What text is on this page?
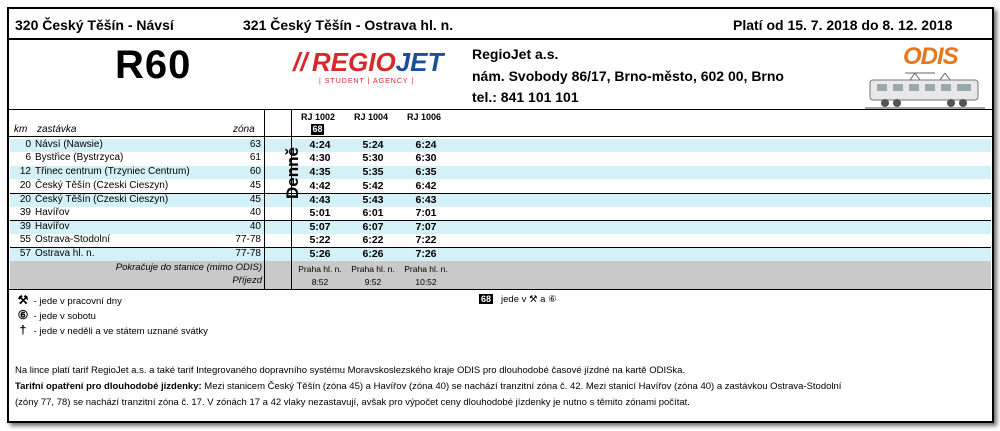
320 Český Těšín - Návsí	321 Český Těšín - Ostrava hl. n.	Platí od 15. 7. 2018 do 8. 12. 2018
R60	// REGIOJET
| STUDENT | AGENCY |
RegioJet a.s.
nám. Svobody 86/17, Brno-město, 602 00, Brno
tel.: 841 101 101
ODIS
RJ 1002	RJ 1004	RJ 1006
68
km zastávka	zóna
0 Návsí (Nawsie)	63	4:24	5:24	6:24
6 Bystřice (Bystrzyca)	61	4:30	5:30	6:30
12 Třinec centrum (Trzyniec Centrum)	60	4:35	5:35	6:35
20 Český Těšín (Czeski Cieszyn)	45	4:42	5:42	6:42
20 Český Těšín (Czeski Cieszyn)	45	4:43	5:43	6:43
39 Havířov	40	5:01	6:01	7:01
39 Havířov	40	5:07	6:07	7:07
55 Ostrava-Stodolní	77-78	5:22	6:22	7:22
57 Ostrava hl. n.	77-78	5:26	6:26	7:26
Pokračuje do stanice (mimo ODIS)
Příjezd
Praha hl. n.	Praha hl. n.	Praha hl. n.
8:52	9:52	10:52
Denně
⚒ - jede v pracovní dny
⑥ - jede v sobotu
† - jede v neděli a ve státem uznané svátky
68 jede v ⚒ a ⑥
Na lince platí tarif RegioJet a.s. a také tarif Integrovaného dopravního systému Moravskoslezského kraje ODIS pro dlouhodobé časové jízdné na kartě ODISka.
Tarifní opatření pro dlouhodobé jízdenky: Mezi stanicem Český Těšín (zóna 45) a Havířov (zóna 40) se nachází tranzitní zóna č. 42. Mezi stanicí Havířov (zóna 40) a zastávkou Ostrava-Stodolní
(zóny 77, 78) se nachází tranzitní zóna č. 17. V zónách 17 a 42 vlaky nezastavují, avšak pro výpočet ceny dlouhodobé jízdenky je nutno s těmito zónami počítat.
